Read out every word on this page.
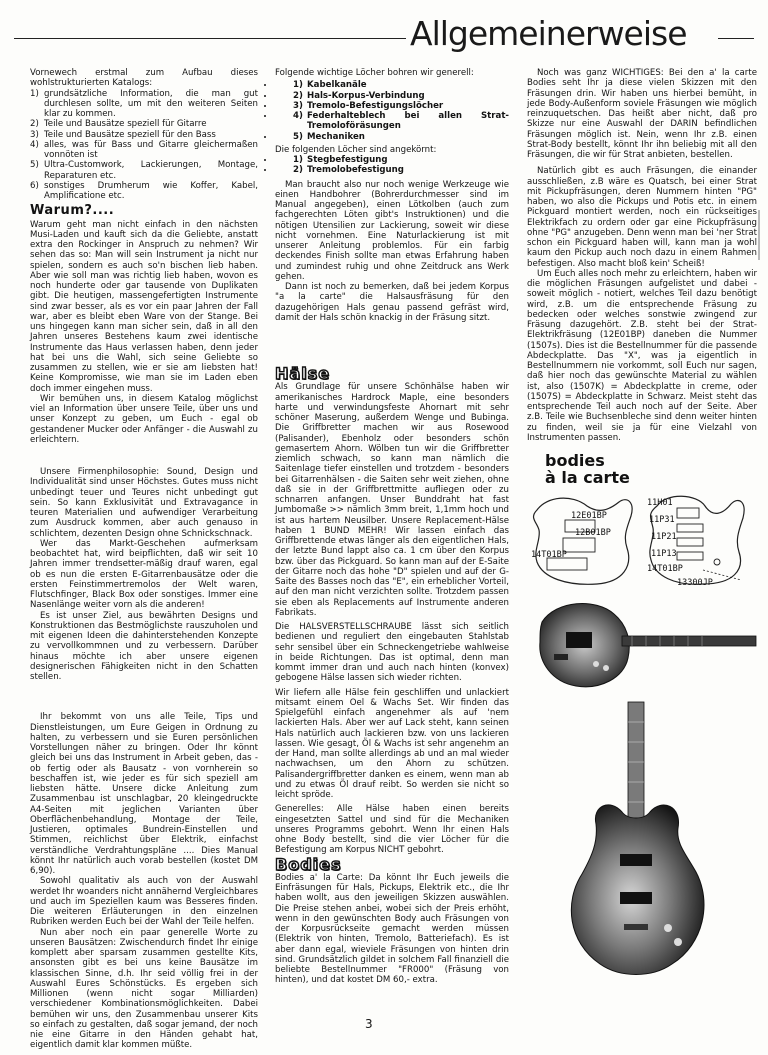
Allgemeinerweise

Vornewech erstmal zum Aufbau dieses wohlstrukturierten Katalogs:

1) grundsätzliche Information, die man gut durchlesen sollte, um mit den weiteren Seiten klar zu kommen.
2) Teile und Bausätze speziell für Gitarre
3) Teile und Bausätze speziell für den Bass
4) alles, was für Bass und Gitarre gleichermaßen vonnöten ist
5) Ultra-Customwork, Lackierungen, Montage, Reparaturen etc.
6) sonstiges Drumherum wie Koffer, Kabel, Amplificatione etc.
Warum?....

Warum geht man nicht einfach in den nächsten Musi-Laden und kauft sich da die Geliebte, anstatt extra den Rockinger in Anspruch zu nehmen? Wir sehen das so: Man will sein Instrument ja nicht nur spielen, sondern es auch so'n bischen lieb haben. Aber wie soll man was richtig lieb haben, wovon es noch hunderte oder gar tausende von Duplikaten gibt. Die heutigen, massengefertigten Instrumente sind zwar besser, als es vor ein paar Jahren der Fall war, aber es bleibt eben Ware von der Stange. Bei uns hingegen kann man sicher sein, daß in all den Jahren unseres Bestehens kaum zwei identische Instrumente das Haus verlassen haben, denn jeder hat bei uns die Wahl, sich seine Geliebte so zusammen zu stellen, wie er sie am liebsten hat! Keine Kompromisse, wie man sie im Laden eben doch immer eingehen muss.

Wir bemühen uns, in diesem Katalog möglichst viel an Information über unsere Teile, über uns und unser Konzept zu geben, um Euch - egal ob gestandener Mucker oder Anfänger - die Auswahl zu erleichtern.

Unsere Firmenphilosophie: Sound, Design und Individualität sind unser Höchstes. Gutes muss nicht unbedingt teuer und Teures nicht unbedingt gut sein. So kann Exklusivität und Extravagance in teuren Materialien und aufwendiger Verarbeitung zum Ausdruck kommen, aber auch genauso in schlichtem, dezenten Design ohne Schnickschnack.

Wer das Markt-Geschehen aufmerksam beobachtet hat, wird beipflichten, daß wir seit 10 Jahren immer trendsetter-mäßig drauf waren, egal ob es nun die ersten E-Gitarrenbausätze oder die ersten Feinstimmertremolos der Welt waren, Flutschfinger, Black Box oder sonstiges. Immer eine Nasenlänge weiter vorn als die anderen!

Es ist unser Ziel, aus bewährten Designs und Konstruktionen das Bestmöglichste rauszuholen und mit eigenen Ideen die dahinterstehenden Konzepte zu vervollkommnen und zu verbessern. Darüber hinaus möchte ich aber unsere eigenen designerischen Fähigkeiten nicht in den Schatten stellen.

Ihr bekommt von uns alle Teile, Tips und Dienstleistungen, um Eure Geigen in Ordnung zu halten, zu verbessern und sie Euren persönlichen Vorstellungen näher zu bringen. Oder Ihr könnt gleich bei uns das Instrument in Arbeit geben, das - ob fertig oder als Bausatz - von vornherein so beschaffen ist, wie jeder es für sich speziell am liebsten hätte. Unsere dicke Anleitung zum Zusammenbau ist unschlagbar, 20 kleingedruckte A4-Seiten mit jeglichen Varianten über Oberflächenbehandlung, Montage der Teile, Justieren, optimales Bundrein-Einstellen und Stimmen, reichlichst über Elektrik, einfachst verständliche Verdrahtungspläne .... Dies Manual könnt Ihr natürlich auch vorab bestellen (kostet DM 6,90).

Sowohl qualitativ als auch von der Auswahl werdet Ihr woanders nicht annähernd Vergleichbares und auch im Speziellen kaum was Besseres finden. Die weiteren Erläuterungen in den einzelnen Rubriken werden Euch bei der Wahl der Teile helfen.

Nun aber noch ein paar generelle Worte zu unseren Bausätzen: Zwischendurch findet Ihr einige komplett aber sparsam zusammen gestellte Kits, ansonsten gibt es bei uns keine Bausätze im klassischen Sinne, d.h. Ihr seid völlig frei in der Auswahl Eures Schönstücks. Es ergeben sich Millionen (wenn nicht sogar Milliarden) verschiedener Kombinationsmöglichkeiten. Dabei bemühen wir uns, den Zusammenbau unserer Kits so einfach zu gestalten, daß sogar jemand, der noch nie eine Gitarre in den Händen gehabt hat, eigentlich damit klar kommen müßte.

Folgende wichtige Löcher bohren wir generell:

• 1) Kabelkanäle
• 2) Hals-Korpus-Verbindung
• 3) Tremolo-Befestigungslöcher
• 4) Federhalteblech bei allen Strat-Tremoloföräsungen
• 5) Mechaniken

Die folgenden Löcher sind angekörnt:

• 1) Stegbefestigung
• 2) Tremolobefestigung

Man braucht also nur noch wenige Werkzeuge wie einen Handbohrer (Bohrerdurchmesser sind im Manual angegeben), einen Lötkolben (auch zum fachgerechten Löten gibt's Instruktionen) und die nötigen Utensilien zur Lackierung, soweit wir diese nicht vornehmen. Eine Naturlackierung ist mit unserer Anleitung problemlos. Für ein farbig deckendes Finish sollte man etwas Erfahrung haben und zumindest ruhig und ohne Zeitdruck ans Werk gehen.

Dann ist noch zu bemerken, daß bei jedem Korpus "a la carte" die Halsausfräsung für den dazugehörigen Hals genau passend gefräst wird, damit der Hals schön knackig in der Fräsung sitzt.

Hälse

Als Grundlage für unsere Schönhälse haben wir amerikanisches Hardrock Maple, eine besonders harte und verwindungsfeste Ahornart mit sehr schöner Maserung, außerdem Wenge und Bubinga. Die Griffbretter machen wir aus Rosewood (Palisander), Ebenholz oder besonders schön gemasertem Ahorn. Wölben tun wir die Griffbretter ziemlich schwach, so kann man nämlich die Saitenlage tiefer einstellen und trotzdem - besonders bei Gitarrenhälsen - die Saiten sehr weit ziehen, ohne daß sie in der Griffbrettmitte aufliegen oder zu schnarren anfangen. Unser Bunddraht hat fast Jumbomaße >> nämlich 3mm breit, 1,1mm hoch und ist aus hartem Neusilber. Unsere Replacement-Hälse haben 1 BUND MEHR! Wir lassen einfach das Griffbrettende etwas länger als den eigentlichen Hals, der letzte Bund lappt also ca. 1 cm über den Korpus bzw. über das Pickguard. So kann man auf der E-Saite der Gitarre noch das hohe "D" spielen und auf der G-Saite des Basses noch das "E", ein erheblicher Vorteil, auf den man nicht verzichten sollte. Trotzdem passen sie eben als Replacements auf Instrumente anderen Fabrikats.

Die HALSVERSTELLSCHRAUBE lässt sich seitlich bedienen und reguliert den eingebauten Stahlstab sehr sensibel über ein Schneckengetriebe wahlweise in beide Richtungen. Das ist optimal, denn man kommt immer dran und auch nach hinten (konvex) gebogene Hälse lassen sich wieder richten.

Wir liefern alle Hälse fein geschliffen und unlackiert mitsamt einem Oel & Wachs Set. Wir finden das Spielgefühl einfach angenehmer als auf 'nem lackierten Hals. Aber wer auf Lack steht, kann seinen Hals natürlich auch lackieren bzw. von uns lackieren lassen. Wie gesagt, Öl & Wachs ist sehr angenehm an der Hand, man sollte allerdings ab und an mal wieder nachwachsen, um den Ahorn zu schützen. Palisandergriffbretter danken es einem, wenn man ab und zu etwas Öl drauf reibt. So werden sie nicht so leicht spröde.

Generelles: Alle Hälse haben einen bereits eingesetzten Sattel und sind für die Mechaniken unseres Programms gebohrt. Wenn Ihr einen Hals ohne Body bestellt, sind die vier Löcher für die Befestigung am Korpus NICHT gebohrt.

Bodies

Bodies a' la Carte: Da könnt Ihr Euch jeweils die Einfräsungen für Hals, Pickups, Elektrik etc., die Ihr haben wollt, aus den jeweiligen Skizzen auswählen. Die Preise stehen anbei, wobei sich der Preis erhöht, wenn in den gewünschten Body auch Fräsungen von der Korpusrückseite gemacht werden müssen (Elektrik von hinten, Tremolo, Batteriefach). Es ist aber dann egal, wieviele Fräsungen von hinten drin sind. Grundsätzlich gildet in solchem Fall finanziell die beliebte Bestellnummer "FR000" (Fräsung von hinten), und dat kostet DM 60,- extra.

Noch was ganz WICHTIGES: Bei den a' la carte Bodies seht Ihr ja diese vielen Skizzen mit den Fräsungen drin. Wir haben uns hierbei bemüht, in jede Body-Außenform soviele Fräsungen wie möglich reinzuquetschen. Das heißt aber nicht, daß pro Skizze nur eine Auswahl der DARIN befindlichen Fräsungen möglich ist. Nein, wenn Ihr z.B. einen Strat-Body bestellt, könnt Ihr ihn beliebig mit all den Fräsungen, die wir für Strat anbieten, bestellen.

Natürlich gibt es auch Fräsungen, die einander ausschließen, z.B wäre es Quatsch, bei einer Strat mit Pickupfräsungen, deren Nummern hinten "PG" haben, wo also die Pickups und Potis etc. in einem Pickguard montiert werden, noch ein rückseitiges Elektrikfach zu ordern oder gar eine Pickupfräsung ohne "PG" anzugeben. Denn wenn man bei 'ner Strat schon ein Pickguard haben will, kann man ja wohl kaum den Pickup auch noch dazu in einem Rahmen befestigen. Also macht bloß kein' Scheiß!

Um Euch alles noch mehr zu erleichtern, haben wir die möglichen Fräsungen aufgelistet und dabei - soweit möglich - notiert, welches Teil dazu benötigt wird, z.B. um die entsprechende Fräsung zu bedecken oder welches sonstwie zwingend zur Fräsung dazugehört. Z.B. steht bei der Strat-Elektrikfräsung (12E01BP) daneben die Nummer (1507s). Dies ist die Bestellnummer für die passende Abdeckplatte. Das "X", was ja eigentlich in Bestellnummern nie vorkommt, soll Euch nur sagen, daß hier noch das gewünschte Material zu wählen ist, also (1507K) = Abdeckplatte in creme, oder (1507S) = Abdeckplatte in Schwarz. Meist steht das entsprechende Teil auch noch auf der Seite. Aber z.B. Teile wie Buchsenbleche sind denn weiter hinten zu finden, weil sie ja für eine Vielzahl von Instrumenten passen.

bodies
à la carte
11H01
11P31
12E01BP
12B01BP	11P21
11P13
14T01BP
14T01BP
13300JP
3
